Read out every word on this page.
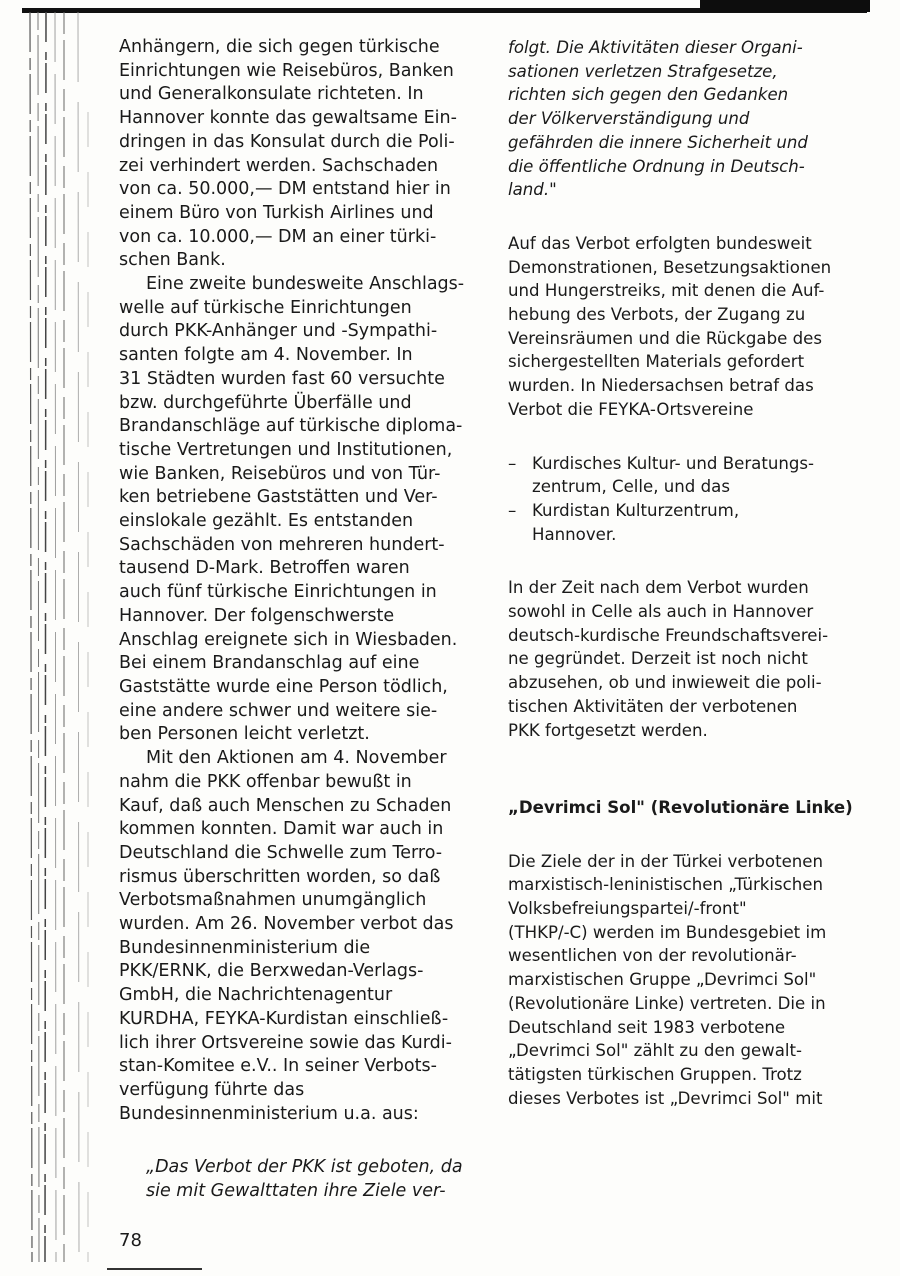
Anhängern, die sich gegen türkische
Einrichtungen wie Reisebüros, Banken
und Generalkonsulate richteten. In
Hannover konnte das gewaltsame Ein-
dringen in das Konsulat durch die Poli-
zei verhindert werden. Sachschaden
von ca. 50.000,— DM entstand hier in
einem Büro von Turkish Airlines und
von ca. 10.000,— DM an einer türki-
schen Bank.
Eine zweite bundesweite Anschlags-
welle auf türkische Einrichtungen
durch PKK-Anhänger und -Sympathi-
santen folgte am 4. November. In
31 Städten wurden fast 60 versuchte
bzw. durchgeführte Überfälle und
Brandanschläge auf türkische diploma-
tische Vertretungen und Institutionen,
wie Banken, Reisebüros und von Tür-
ken betriebene Gaststätten und Ver-
einslokale gezählt. Es entstanden
Sachschäden von mehreren hundert-
tausend D-Mark. Betroffen waren
auch fünf türkische Einrichtungen in
Hannover. Der folgenschwerste
Anschlag ereignete sich in Wiesbaden.
Bei einem Brandanschlag auf eine
Gaststätte wurde eine Person tödlich,
eine andere schwer und weitere sie-
ben Personen leicht verletzt.
Mit den Aktionen am 4. November
nahm die PKK offenbar bewußt in
Kauf, daß auch Menschen zu Schaden
kommen konnten. Damit war auch in
Deutschland die Schwelle zum Terro-
rismus überschritten worden, so daß
Verbotsmaßnahmen unumgänglich
wurden. Am 26. November verbot das
Bundesinnenministerium die
PKK/ERNK, die Berxwedan-Verlags-
GmbH, die Nachrichtenagentur
KURDHA, FEYKA-Kurdistan einschließ-
lich ihrer Ortsvereine sowie das Kurdi-
stan-Komitee e.V.. In seiner Verbots-
verfügung führte das
Bundesinnenministerium u.a. aus:
„Das Verbot der PKK ist geboten, da
sie mit Gewalttaten ihre Ziele ver-
folgt. Die Aktivitäten dieser Organi-
sationen verletzen Strafgesetze,
richten sich gegen den Gedanken
der Völkerverständigung und
gefährden die innere Sicherheit und
die öffentliche Ordnung in Deutsch-
land."
Auf das Verbot erfolgten bundesweit
Demonstrationen, Besetzungsaktionen
und Hungerstreiks, mit denen die Auf-
hebung des Verbots, der Zugang zu
Vereinsräumen und die Rückgabe des
sichergestellten Materials gefordert
wurden. In Niedersachsen betraf das
Verbot die FEYKA-Ortsvereine
– Kurdisches Kultur- und Beratungs-
zentrum, Celle, und das
– Kurdistan Kulturzentrum,
Hannover.
In der Zeit nach dem Verbot wurden
sowohl in Celle als auch in Hannover
deutsch-kurdische Freundschaftsverei-
ne gegründet. Derzeit ist noch nicht
abzusehen, ob und inwieweit die poli-
tischen Aktivitäten der verbotenen
PKK fortgesetzt werden.
„Devrimci Sol" (Revolutionäre Linke)
Die Ziele der in der Türkei verbotenen
marxistisch-leninistischen „Türkischen
Volksbefreiungspartei/-front"
(THKP/-C) werden im Bundesgebiet im
wesentlichen von der revolutionär-
marxistischen Gruppe „Devrimci Sol"
(Revolutionäre Linke) vertreten. Die in
Deutschland seit 1983 verbotene
„Devrimci Sol" zählt zu den gewalt-
tätigsten türkischen Gruppen. Trotz
dieses Verbotes ist „Devrimci Sol" mit
78
